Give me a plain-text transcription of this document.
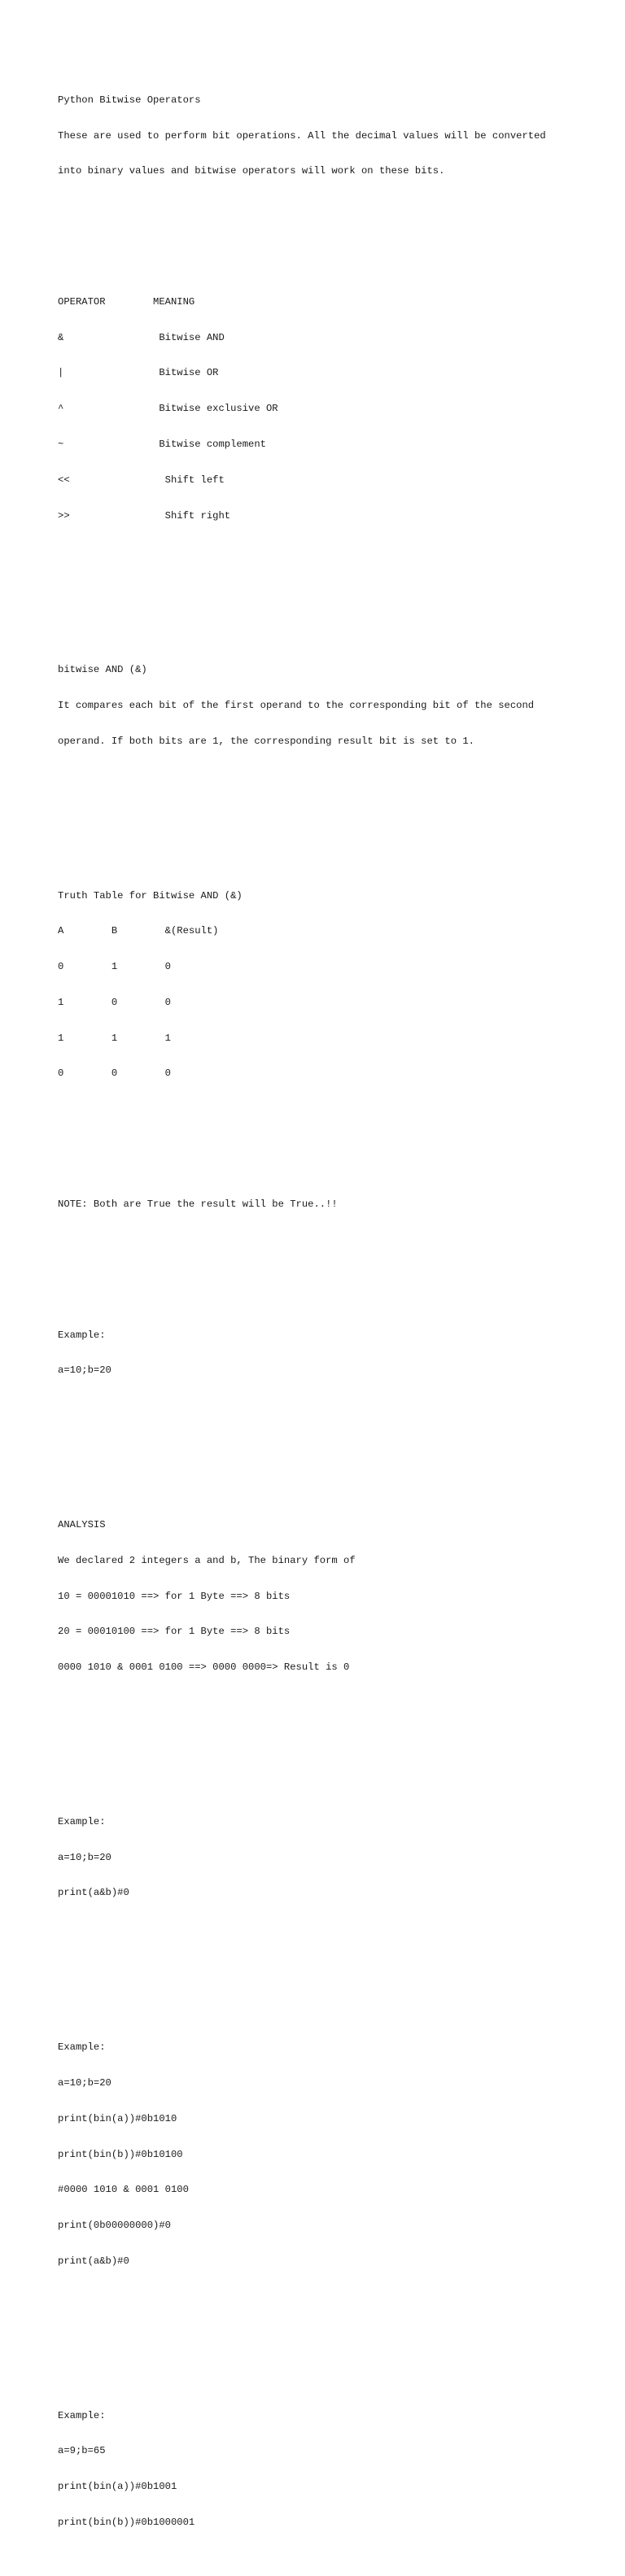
Python Bitwise Operators

These are used to perform bit operations. All the decimal values will be converted

into binary values and bitwise operators will work on these bits.

OPERATOR        MEANING

&                Bitwise AND

|                Bitwise OR

^                Bitwise exclusive OR

~                Bitwise complement

<<                Shift left

>>                Shift right

bitwise AND (&)

It compares each bit of the first operand to the corresponding bit of the second

operand. If both bits are 1, the corresponding result bit is set to 1.

Truth Table for Bitwise AND (&)

A        B        &(Result)

0        1        0

1        0        0

1        1        1

0        0        0

NOTE: Both are True the result will be True..!!

Example:

a=10;b=20

ANALYSIS

We declared 2 integers a and b, The binary form of

10 = 00001010 ==> for 1 Byte ==> 8 bits

20 = 00010100 ==> for 1 Byte ==> 8 bits

0000 1010 & 0001 0100 ==> 0000 0000=> Result is 0

Example:

a=10;b=20

print(a&b)#0

Example:

a=10;b=20

print(bin(a))#0b1010

print(bin(b))#0b10100

#0000 1010 & 0001 0100

print(0b00000000)#0

print(a&b)#0

Example:

a=9;b=65

print(bin(a))#0b1001

print(bin(b))#0b1000001
